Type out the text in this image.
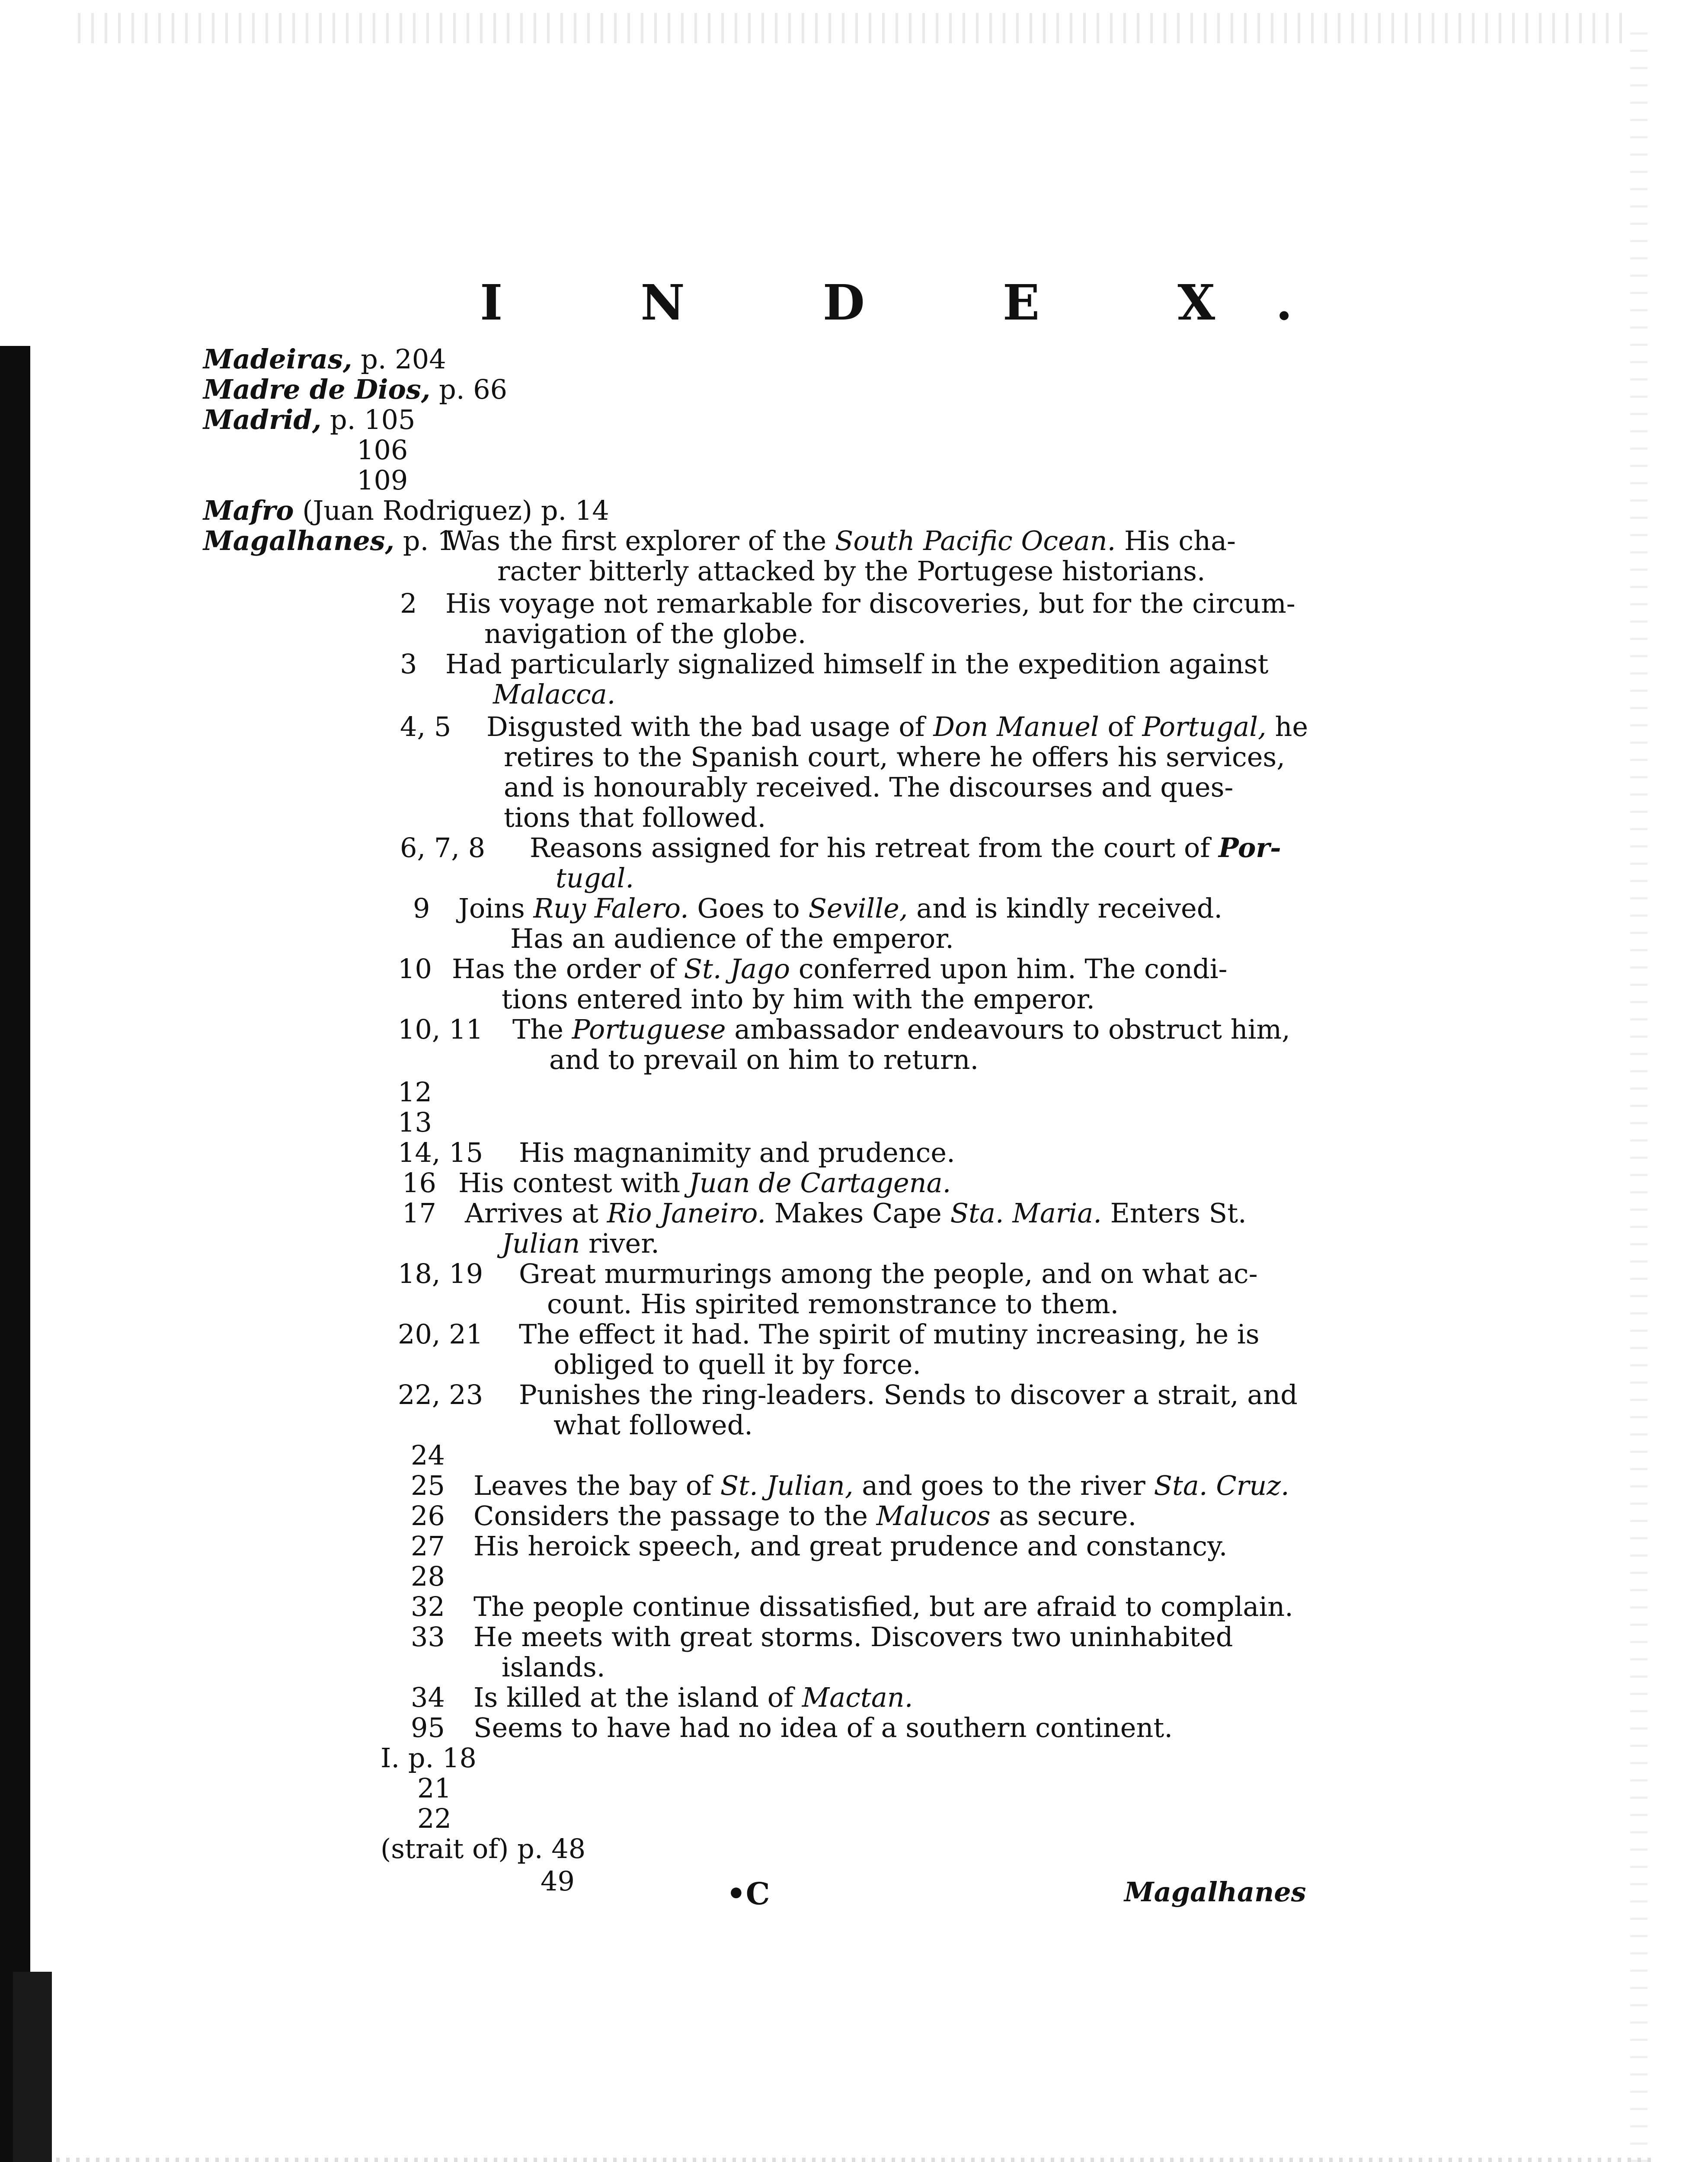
I N D E X.
Madeiras, p. 204
Madre de Dios, p. 66
Madrid, p. 105
106
109
Mafro (Juan Rodriguez) p. 14
Magalhanes, p. 1
Was the first explorer of the South Pacific Ocean. His cha-
racter bitterly attacked by the Portugese historians.
2 His voyage not remarkable for discoveries, but for the circum-
navigation of the globe.
3 Had particularly signalized himself in the expedition against
Malacca.
4, 5 Disgusted with the bad usage of Don Manuel of Portugal, he
retires to the Spanish court, where he offers his services,
and is honourably received. The discourses and ques-
tions that followed.
6, 7, 8 Reasons assigned for his retreat from the court of Por-
tugal.
9 Joins Ruy Falero. Goes to Seville, and is kindly received.
Has an audience of the emperor.
10 Has the order of St. Jago conferred upon him. The condi-
tions entered into by him with the emperor.
10, 11 The Portuguese ambassador endeavours to obstruct him,
and to prevail on him to return.
12
13
14, 15 His magnanimity and prudence.
16 His contest with Juan de Cartagena.
17 Arrives at Rio Janeiro. Makes Cape Sta. Maria. Enters St.
Julian river.
18, 19 Great murmurings among the people, and on what ac-
count. His spirited remonstrance to them.
20, 21 The effect it had. The spirit of mutiny increasing, he is
obliged to quell it by force.
22, 23 Punishes the ring-leaders. Sends to discover a strait, and
what followed.
24
25 Leaves the bay of St. Julian, and goes to the river Sta. Cruz.
26 Considers the passage to the Malucos as secure.
27 His heroick speech, and great prudence and constancy.
28
32 The people continue dissatisfied, but are afraid to complain.
33 He meets with great storms. Discovers two uninhabited
islands.
34 Is killed at the island of Mactan.
95 Seems to have had no idea of a southern continent.
I. p. 18
21
22
(strait of) p. 48
49	•C	Magalhanes
